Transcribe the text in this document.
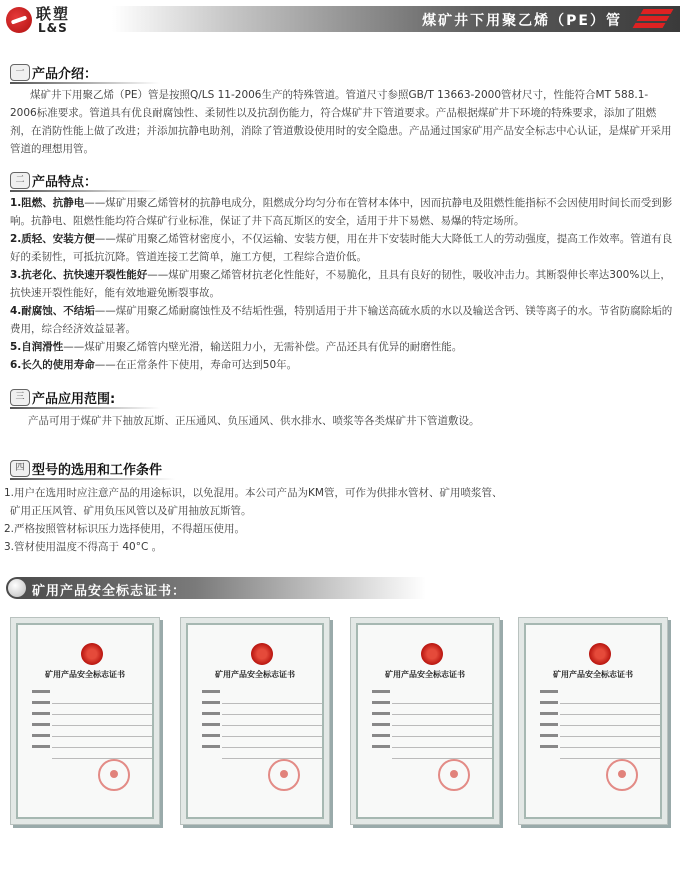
联塑
L&S	煤矿井下用聚乙烯（PE）管
一 产品介绍：
煤矿井下用聚乙烯（PE）管是按照Q/LS 11-2006生产的特殊管道。管道尺寸参照GB/T 13663-2000管材尺寸，性能符合MT 588.1-2006标准要求。管道具有优良耐腐蚀性、柔韧性以及抗刮伤能力，符合煤矿井下管道要求。产品根据煤矿井下环境的特殊要求，添加了阻燃剂，在消防性能上做了改进；并添加抗静电助剂，消除了管道敷设使用时的安全隐患。产品通过国家矿用产品安全标志中心认证，是煤矿开采用管道的理想用管。
二 产品特点：
1.阻燃、抗静电——煤矿用聚乙烯管材的抗静电成分，阻燃成分均匀分布在管材本体中，因而抗静电及阻燃性能指标不会因使用时间长而受到影响。抗静电、阻燃性能均符合煤矿行业标准，保证了井下高瓦斯区的安全，适用于井下易燃、易爆的特定场所。
2.质轻、安装方便——煤矿用聚乙烯管材密度小，不仅运输、安装方便，用在井下安装时能大大降低工人的劳动强度，提高工作效率。管道有良好的柔韧性，可抵抗沉降。管道连接工艺简单，施工方便，工程综合造价低。
3.抗老化、抗快速开裂性能好——煤矿用聚乙烯管材抗老化性能好，不易脆化，且具有良好的韧性，吸收冲击力。其断裂伸长率达300%以上，抗快速开裂性能好，能有效地避免断裂事故。
4.耐腐蚀、不结垢——煤矿用聚乙烯耐腐蚀性及不结垢性强，特别适用于井下输送高硫水质的水以及输送含钙、镁等离子的水。节省防腐除垢的费用，综合经济效益显著。
5.自润滑性——煤矿用聚乙烯管内壁光滑，输送阻力小，无需补偿。产品还具有优异的耐磨性能。
6.长久的使用寿命——在正常条件下使用，寿命可达到50年。
三 产品应用范围:
产品可用于煤矿井下抽放瓦斯、正压通风、负压通风、供水排水、喷浆等各类煤矿井下管道敷设。
四 型号的选用和工作条件

1.用户在选用时应注意产品的用途标识，以免混用。本公司产品为KM管，可作为供排水管材、矿用喷浆管、

矿用正压风管、矿用负压风管以及矿用抽放瓦斯管。

2.严格按照管材标识压力选择使用，不得超压使用。

3.管材使用温度不得高于 40°C 。

矿用产品安全标志证书：
矿用产品安全标志证书	矿用产品安全标志证书	矿用产品安全标志证书	矿用产品安全标志证书
